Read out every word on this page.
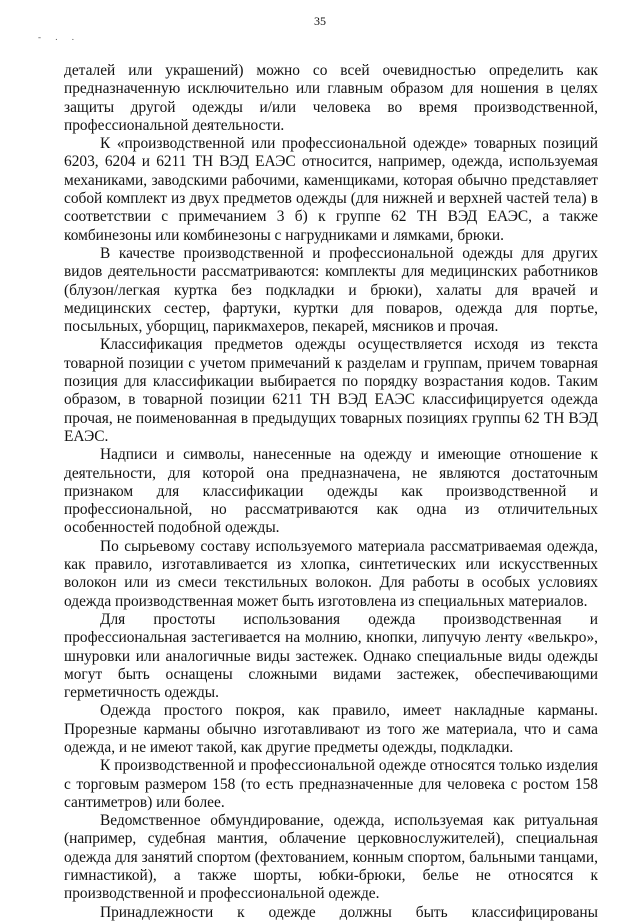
35
- . .

деталей или украшений) можно со всей очевидностью определить как предназначенную исключительно или главным образом для ношения в целях защиты другой одежды и/или человека во время производственной, профессиональной деятельности.

К «производственной или профессиональной одежде» товарных позиций 6203, 6204 и 6211 ТН ВЭД ЕАЭС относится, например, одежда, используемая механиками, заводскими рабочими, каменщиками, которая обычно представляет собой комплект из двух предметов одежды (для нижней и верхней частей тела) в соответствии с примечанием 3 б) к группе 62 ТН ВЭД ЕАЭС, а также комбинезоны или комбинезоны с нагрудниками и лямками, брюки.

В качестве производственной и профессиональной одежды для других видов деятельности рассматриваются: комплекты для медицинских работников (блузон/легкая куртка без подкладки и брюки), халаты для врачей и медицинских сестер, фартуки, куртки для поваров, одежда для портье, посыльных, уборщиц, парикмахеров, пекарей, мясников и прочая.

Классификация предметов одежды осуществляется исходя из текста товарной позиции с учетом примечаний к разделам и группам, причем товарная позиция для классификации выбирается по порядку возрастания кодов. Таким образом, в товарной позиции 6211 ТН ВЭД ЕАЭС классифицируется одежда прочая, не поименованная в предыдущих товарных позициях группы 62 ТН ВЭД ЕАЭС.

Надписи и символы, нанесенные на одежду и имеющие отношение к деятельности, для которой она предназначена, не являются достаточным признаком для классификации одежды как производственной и профессиональной, но рассматриваются как одна из отличительных особенностей подобной одежды.

По сырьевому составу используемого материала рассматриваемая одежда, как правило, изготавливается из хлопка, синтетических или искусственных волокон или из смеси текстильных волокон. Для работы в особых условиях одежда производственная может быть изготовлена из специальных материалов.

Для простоты использования одежда производственная и профессиональная застегивается на молнию, кнопки, липучую ленту «велькро», шнуровки или аналогичные виды застежек. Однако специальные виды одежды могут быть оснащены сложными видами застежек, обеспечивающими герметичность одежды.

Одежда простого покроя, как правило, имеет накладные карманы. Прорезные карманы обычно изготавливают из того же материала, что и сама одежда, и не имеют такой, как другие предметы одежды, подкладки.

К производственной и профессиональной одежде относятся только изделия с торговым размером 158 (то есть предназначенные для человека с ростом 158 сантиметров) или более.

Ведомственное обмундирование, одежда, используемая как ритуальная (например, судебная мантия, облачение церковнослужителей), специальная одежда для занятий спортом (фехтованием, конным спортом, бальными танцами, гимнастикой), а также шорты, юбки-брюки, белье не относятся к производственной и профессиональной одежде.

Принадлежности к одежде должны быть классифицированы
